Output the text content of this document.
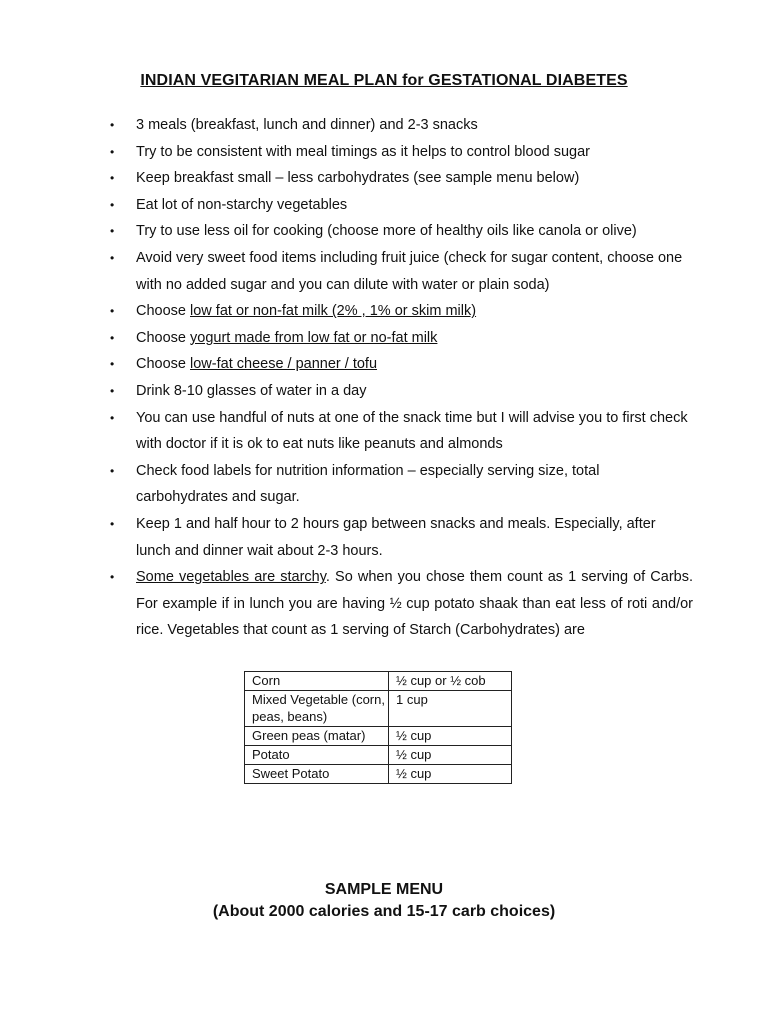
INDIAN VEGITARIAN MEAL PLAN for GESTATIONAL DIABETES
• 3 meals (breakfast, lunch and dinner) and 2-3 snacks
• Try to be consistent with meal timings as it helps to control blood sugar
• Keep breakfast small – less carbohydrates (see sample menu below)
• Eat lot of non-starchy vegetables
• Try to use less oil for cooking (choose more of healthy oils like canola or olive)
• Avoid very sweet food items including fruit juice (check for sugar content, choose one with no added sugar and you can dilute with water or plain soda)
• Choose low fat or non-fat milk (2% , 1% or skim milk)
• Choose yogurt made from low fat or no-fat milk
• Choose low-fat cheese / panner / tofu
• Drink 8-10 glasses of water in a day
• You can use handful of nuts at one of the snack time but I will advise you to first check with doctor if it is ok to eat nuts like peanuts and almonds
• Check food labels for nutrition information – especially serving size, total carbohydrates and sugar.
• Keep 1 and half hour to 2 hours gap between snacks and meals. Especially, after lunch and dinner wait about 2-3 hours.
• Some vegetables are starchy. So when you chose them count as 1 serving of Carbs. For example if in lunch you are having ½ cup potato shaak than eat less of roti and/or rice. Vegetables that count as 1 serving of Starch (Carbohydrates) are
Corn	½ cup or ½ cob
Mixed Vegetable (corn, peas, beans)	1 cup
Green peas (matar)	½ cup
Potato	½ cup
Sweet Potato	½ cup
SAMPLE MENU
(About 2000 calories and 15-17 carb choices)
